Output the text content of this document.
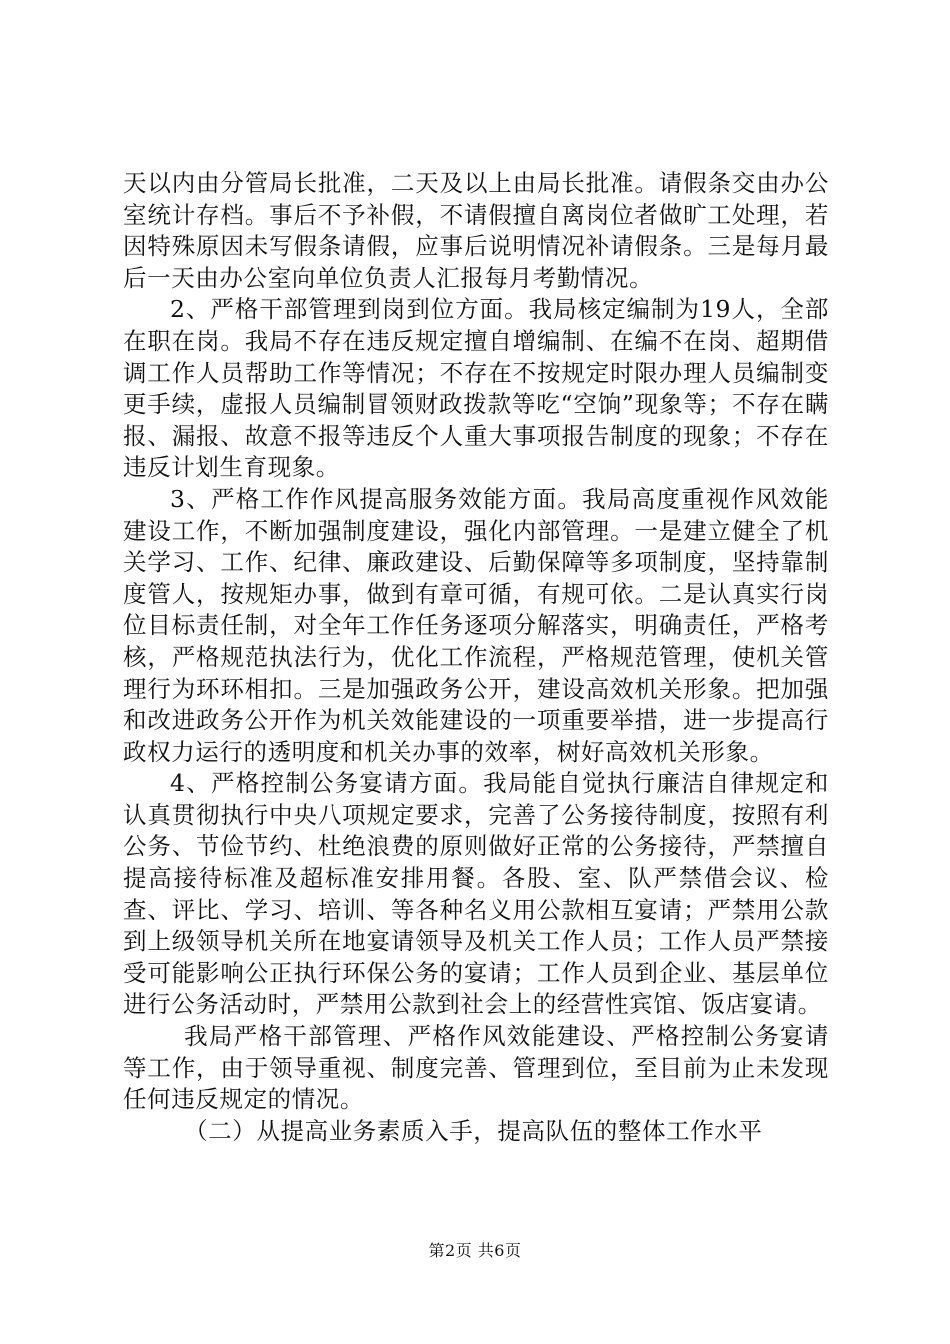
天以内由分管局长批准，二天及以上由局长批准。请假条交由办公室统计存档。事后不予补假，不请假擅自离岗位者做旷工处理，若因特殊原因未写假条请假，应事后说明情况补请假条。三是每月最后一天由办公室向单位负责人汇报每月考勤情况。

2、严格干部管理到岗到位方面。我局核定编制为19人，全部在职在岗。我局不存在违反规定擅自增编制、在编不在岗、超期借调工作人员帮助工作等情况；不存在不按规定时限办理人员编制变更手续，虚报人员编制冒领财政拨款等吃“空饷”现象等；不存在瞒报、漏报、故意不报等违反个人重大事项报告制度的现象；不存在违反计划生育现象。

3、严格工作作风提高服务效能方面。我局高度重视作风效能建设工作，不断加强制度建设，强化内部管理。一是建立健全了机关学习、工作、纪律、廉政建设、后勤保障等多项制度，坚持靠制度管人，按规矩办事，做到有章可循，有规可依。二是认真实行岗位目标责任制，对全年工作任务逐项分解落实，明确责任，严格考核，严格规范执法行为，优化工作流程，严格规范管理，使机关管理行为环环相扣。三是加强政务公开，建设高效机关形象。把加强和改进政务公开作为机关效能建设的一项重要举措，进一步提高行政权力运行的透明度和机关办事的效率，树好高效机关形象。

4、严格控制公务宴请方面。我局能自觉执行廉洁自律规定和认真贯彻执行中央八项规定要求，完善了公务接待制度，按照有利公务、节俭节约、杜绝浪费的原则做好正常的公务接待，严禁擅自提高接待标准及超标准安排用餐。各股、室、队严禁借会议、检查、评比、学习、培训、等各种名义用公款相互宴请；严禁用公款到上级领导机关所在地宴请领导及机关工作人员；工作人员严禁接受可能影响公正执行环保公务的宴请；工作人员到企业、基层单位进行公务活动时，严禁用公款到社会上的经营性宾馆、饭店宴请。

我局严格干部管理、严格作风效能建设、严格控制公务宴请等工作，由于领导重视、制度完善、管理到位，至目前为止未发现任何违反规定的情况。

（二）从提高业务素质入手，提高队伍的整体工作水平

第2页 共6页
